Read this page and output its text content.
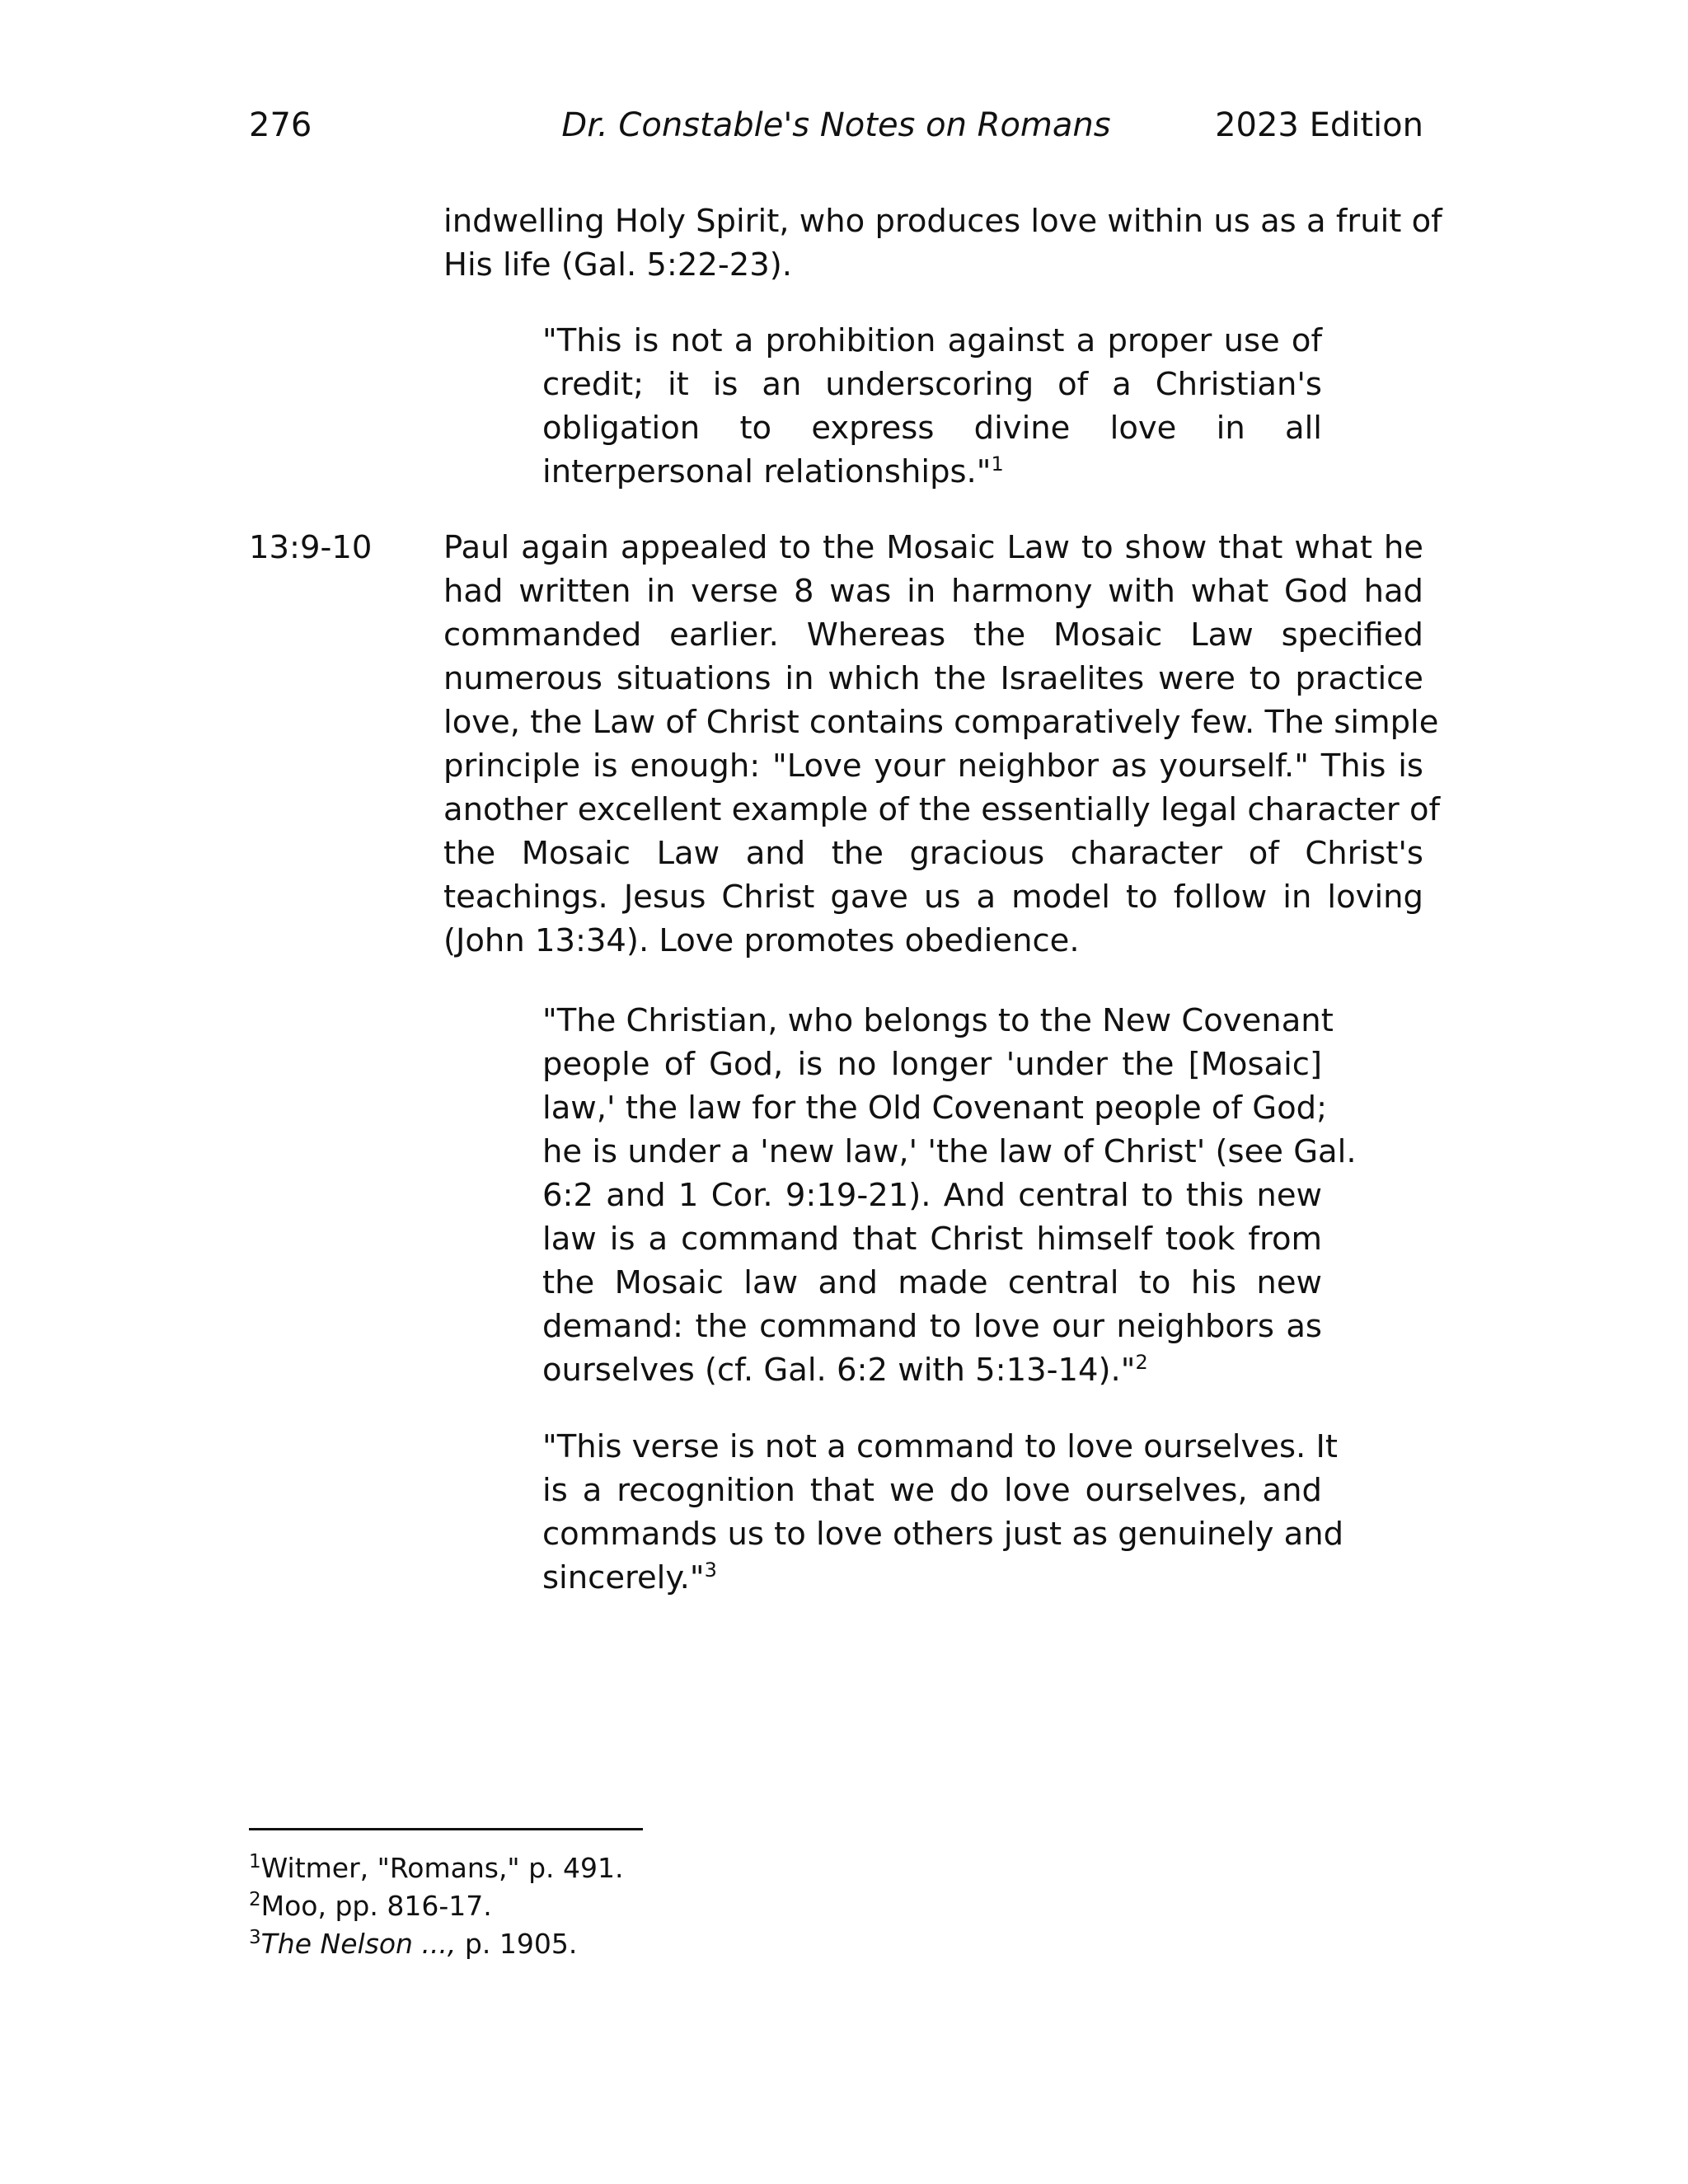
276	Dr. Constable's Notes on Romans	2023 Edition

indwelling Holy Spirit, who produces love within us as a fruit of
His life (Gal. 5:22-23).

"This is not a prohibition against a proper use of
credit; it is an underscoring of a Christian's
obligation to express divine love in all
interpersonal relationships."$^1$

13:9-10 Paul again appealed to the Mosaic Law to show that what he
had written in verse 8 was in harmony with what God had
commanded earlier. Whereas the Mosaic Law specified
numerous situations in which the Israelites were to practice
love, the Law of Christ contains comparatively few. The simple
principle is enough: "Love your neighbor as yourself." This is
another excellent example of the essentially legal character of
the Mosaic Law and the gracious character of Christ's
teachings. Jesus Christ gave us a model to follow in loving
(John 13:34). Love promotes obedience.

"The Christian, who belongs to the New Covenant
people of God, is no longer 'under the [Mosaic]
law,' the law for the Old Covenant people of God;
he is under a 'new law,' 'the law of Christ' (see Gal.
6:2 and 1 Cor. 9:19-21). And central to this new
law is a command that Christ himself took from
the Mosaic law and made central to his new
demand: the command to love our neighbors as
ourselves (cf. Gal. 6:2 with 5:13-14)."$^2$

"This verse is not a command to love ourselves. It
is a recognition that we do love ourselves, and
commands us to love others just as genuinely and
sincerely."$^3$

$^1$Witmer, "Romans," p. 491.
$^2$Moo, pp. 816-17.
$^3$The Nelson ..., p. 1905.
